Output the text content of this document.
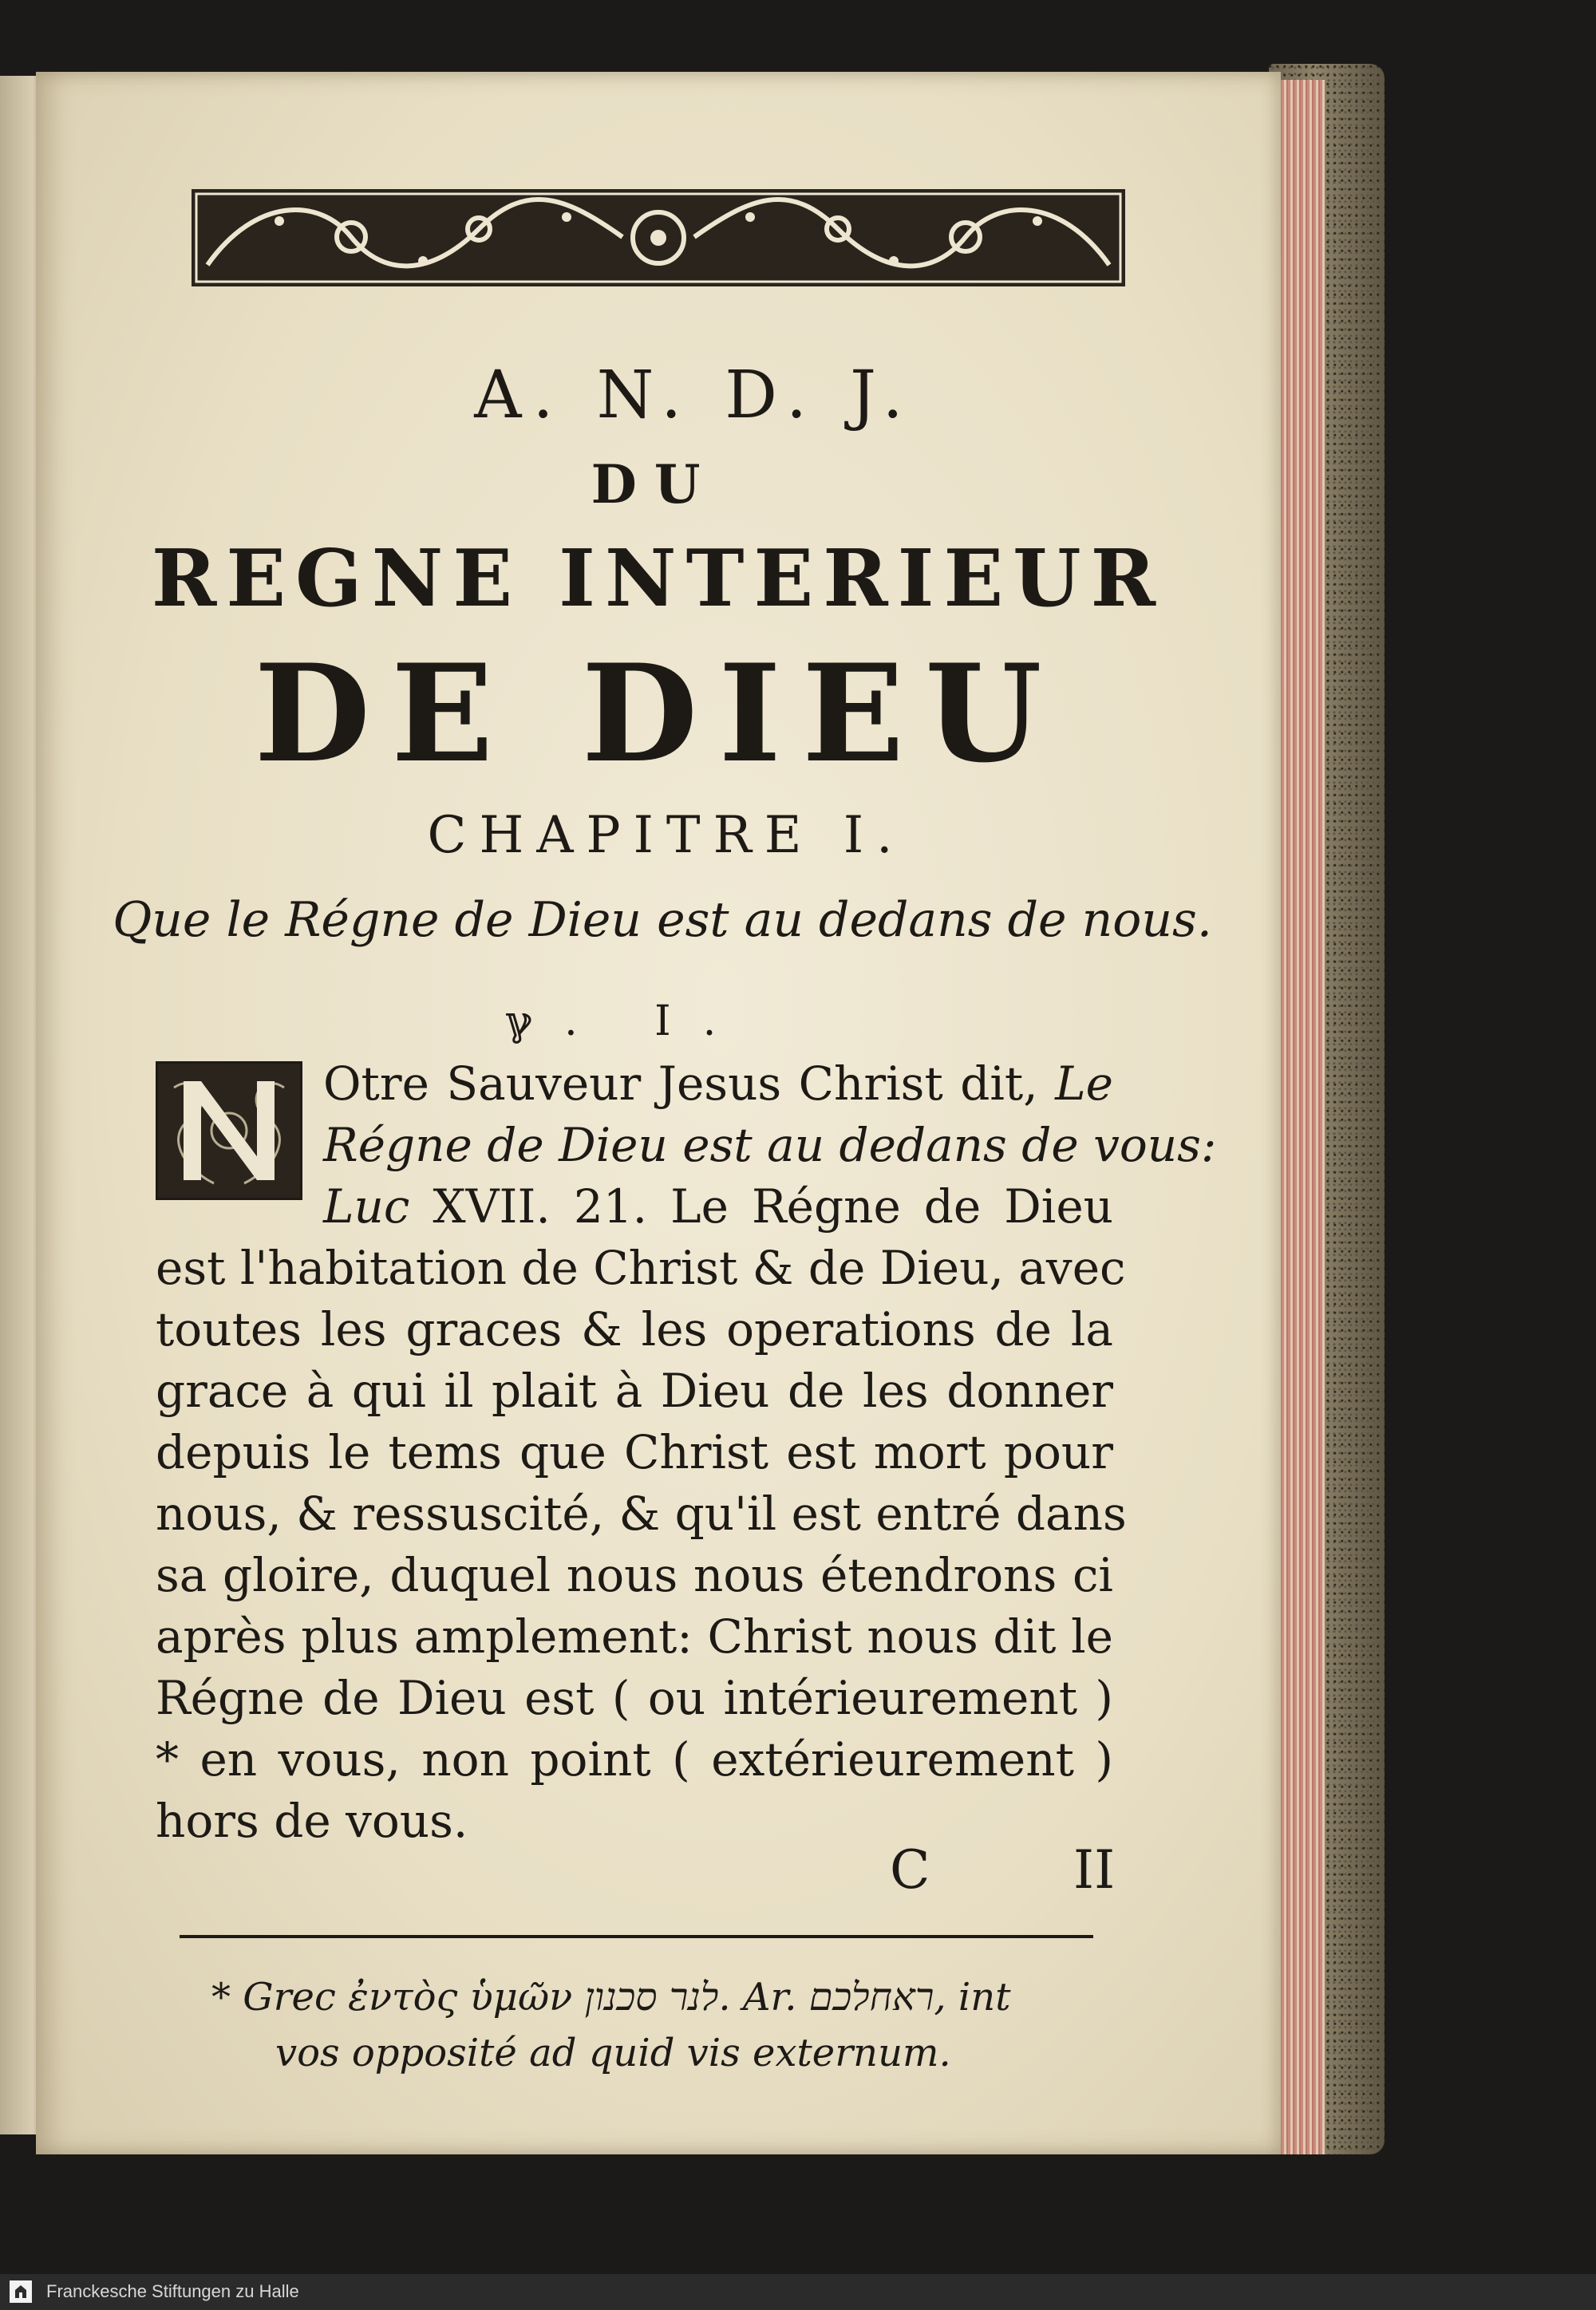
A. N. D. J.
DU
REGNE INTERIEUR
DE DIEU
CHAPITRE I.
Que le Régne de Dieu est au dedans de nous.
ℽ. I.
Otre Sauveur Jesus Christ dit, Le
Régne de Dieu est au dedans de vous:
Luc XVII. 21. Le Régne de Dieu
est l'habitation de Christ & de Dieu, avec
toutes les graces & les operations de la
grace à qui il plait à Dieu de les donner
depuis le tems que Christ est mort pour
nous, & ressuscité, & qu'il est entré dans
sa gloire, duquel nous nous étendrons ci
après plus amplement: Christ nous dit le
Régne de Dieu est ( ou intérieurement )
* en vous, non point ( extérieurement )
hors de vous.
C	II
* Grec ἐντὸς ὑμῶν לנר סכנון. Ar. ראחלכם, int
vos opposité ad quid vis externum.
Franckesche Stiftungen zu Halle
